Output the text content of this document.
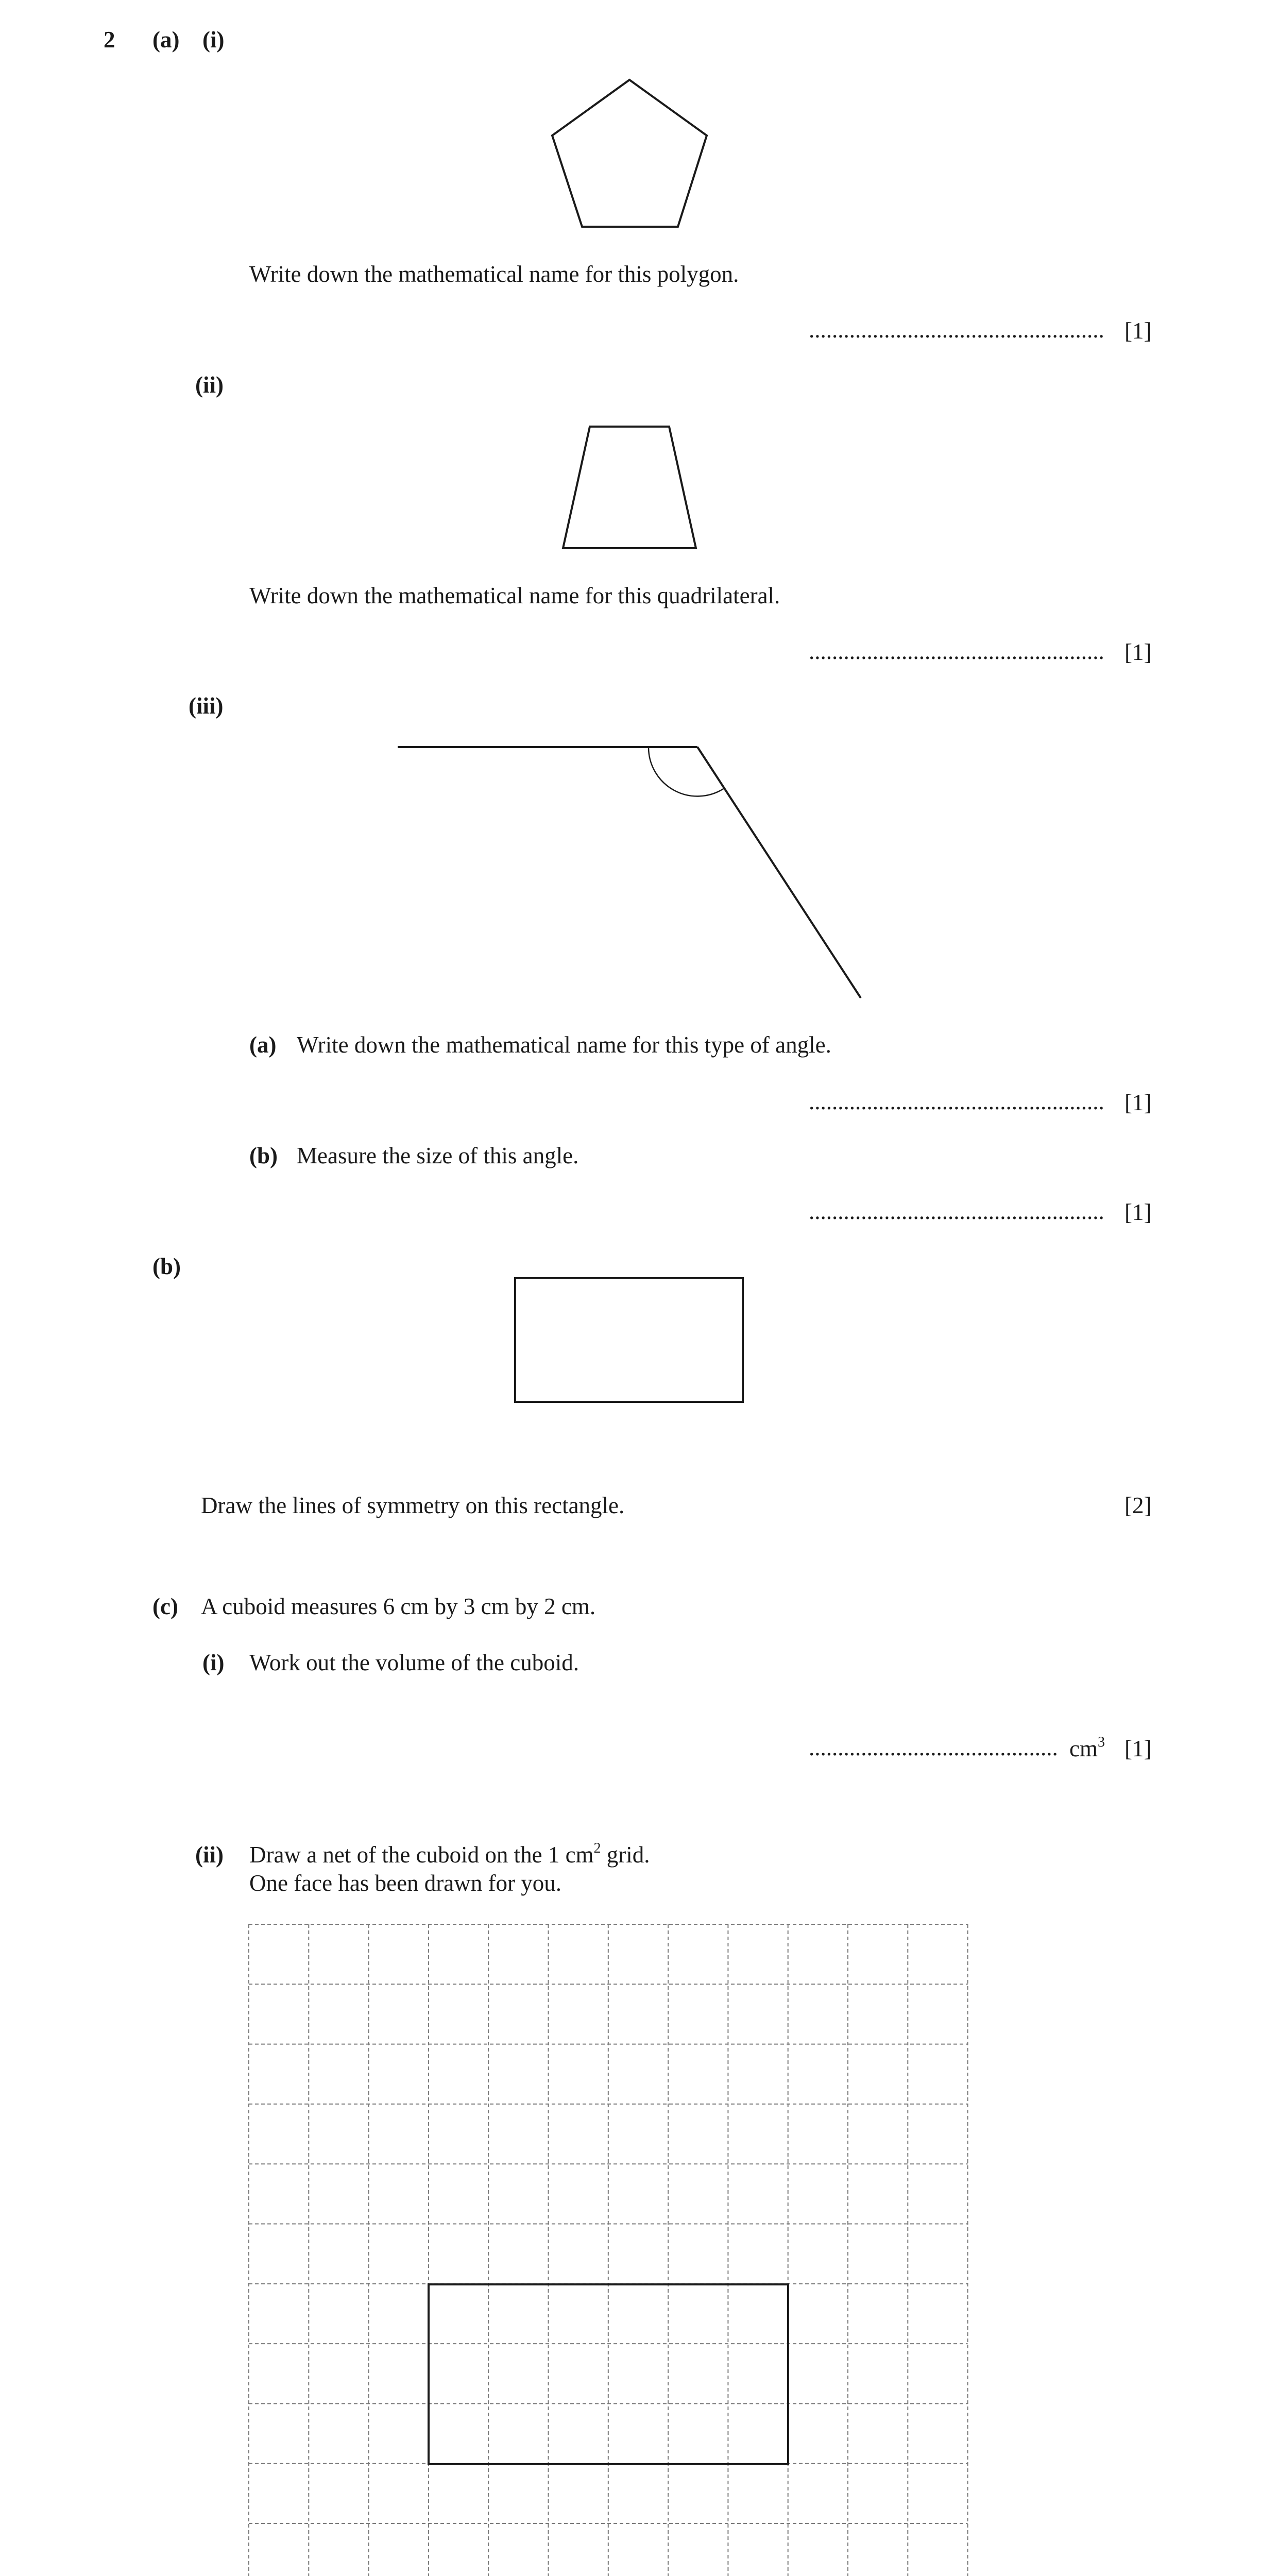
2 (a) (i)
Write down the mathematical name for this polygon.
................................................... [1]
(ii)
Write down the mathematical name for this quadrilateral.
................................................... [1]
(iii)
(a) Write down the mathematical name for this type of angle.
................................................... [1]
(b) Measure the size of this angle.
................................................... [1]
(b)
Draw the lines of symmetry on this rectangle.	[2]
(c) A cuboid measures 6 cm by 3 cm by 2 cm.
(i) Work out the volume of the cuboid.
........................................... $cm^3$ [1]
(ii) Draw a net of the cuboid on the 1 $cm^2$ grid.
One face has been drawn for you.
